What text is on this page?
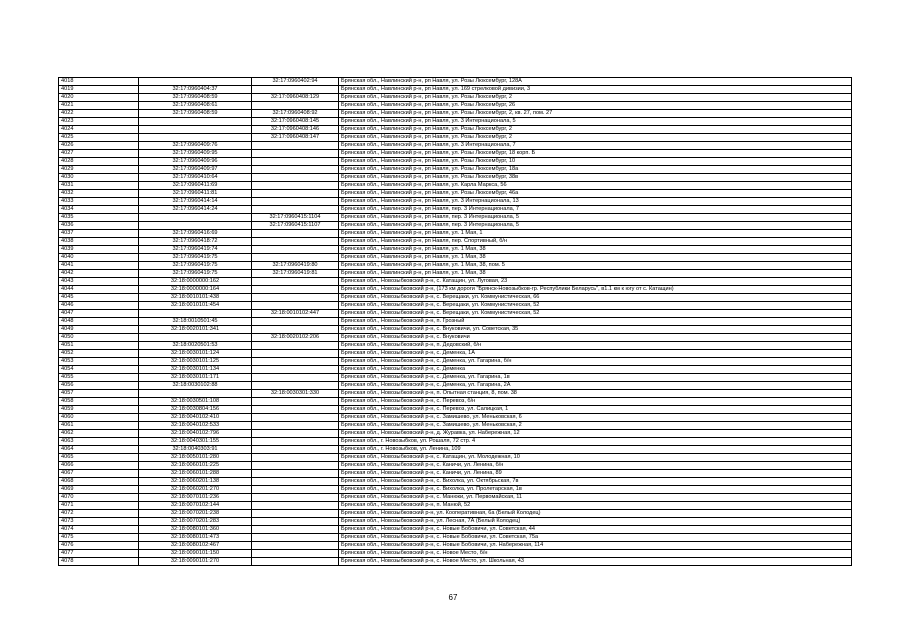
4018		32:17:0960402:94	Брянская обл., Навлинский р-н, рп Навля, ул. Розы Люксембург, 128А
4019	32:17:0960404:37		Брянская обл., Навлинский р-н, рп Навля, ул. 169 стрелковой дивизии, 3
4020	32:17:0960408:59	32:17:0960408:129	Брянская обл., Навлинский р-н, рп Навля, ул. Розы Люксембург, 2
4021	32:17:0960408:61		Брянская обл., Навлинский р-н, рп Навля, ул. Розы Люксембург, 26
4022	32:17:0960408:59	32:17:0960408:92	Брянская обл., Навлинский р-н, рп Навля, ул. Розы Люксембург, 2, кв. 27, пом. 27
4023		32:17:0960408:145	Брянская обл., Навлинский р-н, рп Навля, ул. 3 Интернационала, 5
4024		32:17:0960408:146	Брянская обл., Навлинский р-н, рп Навля, ул. Розы Люксембург, 2
4025		32:17:0960408:147	Брянская обл., Навлинский р-н, рп Навля, ул. Розы Люксембург, 2
4026	32:17:0960409:76		Брянская обл., Навлинский р-н, рп Навля, ул. 3 Интернационала, 7
4027	32:17:0960409:95		Брянская обл., Навлинский р-н, рп Навля, ул. Розы Люксембург, 18 корп. Б
4028	32:17:0960409:96		Брянская обл., Навлинский р-н, рп Навля, ул. Розы Люксембург, 10
4029	32:17:0960409:97		Брянская обл., Навлинский р-н, рп Навля, ул. Розы Люксембург, 18а
4030	32:17:0960410:64		Брянская обл., Навлинский р-н, рп Навля, ул. Розы Люксембург, 38в
4031	32:17:0960411:69		Брянская обл., Навлинский р-н, рп Навля, ул. Карла Маркса, 56
4032	32:17:0960411:81		Брянская обл., Навлинский р-н, рп Навля, ул. Розы Люксембург, 46а
4033	32:17:0960414:14		Брянская обл., Навлинский р-н, рп Навля, ул. 3 Интернационала, 13
4034	32:17:0960414:24		Брянская обл., Навлинский р-н, рп Навля, пер. 3 Интернационала, 7
4035		32:17:0960415:1104	Брянская обл., Навлинский р-н, рп Навля, пер. 3 Интернационала, 5
4036		32:17:0960415:1107	Брянская обл., Навлинский р-н, рп Навля, пер. 3 Интернационала, 5
4037	32:17:0960416:69		Брянская обл., Навлинский р-н, рп Навля, ул. 1 Мая, 1
4038	32:17:0960418:72		Брянская обл., Навлинский р-н, рп Навля, пер. Спортивный, б/н
4039	32:17:0960419:74		Брянская обл., Навлинский р-н, рп Навля, ул. 1 Мая, 38
4040	32:17:0960419:75		Брянская обл., Навлинский р-н, рп Навля, ул. 1 Мая, 38
4041	32:17:0960419:75	32:17:0960419:80	Брянская обл., Навлинский р-н, рп Навля, ул. 1 Мая, 38, пом. 5
4042	32:17:0960419:75	32:17:0960419:81	Брянская обл., Навлинский р-н, рп Навля, ул. 1 Мая, 38
4043	32:18:0000000:162		Брянская обл., Новозыбковский р-н, с. Катащин, ул. Луговая, 23
4044	32:18:0000000:164		Брянская обл., Новозыбковский р-н, (173 км дороги "Брянск-Новозыбков-гр. Республики Беларусь", в1.1 км к югу от с. Катащин)
4045	32:18:0010101:438		Брянская обл., Новозыбковский р-н, с. Верещаки, ул. Коммунистическая, 66
4046	32:18:0010101:454		Брянская обл., Новозыбковский р-н, с. Верещаки, ул. Коммунистическая, 52
4047		32:18:0010102:447	Брянская обл., Новозыбковский р-н, с. Верещаки, ул. Коммунистическая, 52
4048	32:18:0010501:45		Брянская обл., Новозыбковский р-н, п. Грозный
4049	32:18:0020101:341		Брянская обл., Новозыбковский р-н, с. Внуковичи, ул. Советская, 35
4050		32:18:0020102:206	Брянская обл., Новозыбковский р-н, с. Внуковичи
4051	32:18:0020501:53		Брянская обл., Новозыбковский р-н, п. Дедовский, б/н
4052	32:18:0030101:124		Брянская обл., Новозыбковский р-н, с. Деменка, 1А
4053	32:18:0030101:125		Брянская обл., Новозыбковский р-н, с. Деменка, ул. Гагарина, б/н
4054	32:18:0030101:134		Брянская обл., Новозыбковский р-н, с. Деменка
4055	32:18:0030101:171		Брянская обл., Новозыбковский р-н, с. Деменка, ул. Гагарина, 1в
4056	32:18:0030102:88		Брянская обл., Новозыбковский р-н, с. Деменка, ул. Гагарина, 2А
4057		32:18:0030301:330	Брянская обл., Новозыбковский р-н, п. Опытная станция, 8, пом. 38
4058	32:18:0030501:108		Брянская обл., Новозыбковский р-н, с. Перевоз, б/н
4059	32:18:0030804:156		Брянская обл., Новозыбковский р-н, с. Перевоз, ул. Салицкая, 1
4060	32:18:0040102:410		Брянская обл., Новозыбковский р-н, с. Замишево, ул. Меньковская, 6
4061	32:18:0040102:533		Брянская обл., Новозыбковский р-н, с. Замишево, ул. Меньковская, 2
4062	32:18:0040102:796		Брянская обл., Новозыбковский р-н, д. Журавка, ул. Набережная, 12
4063	32:18:0040301:155		Брянская обл., г. Новозыбков, ул. Рошаля, 72 стр. 4
4064	32:18:0040303:91		Брянская обл., г. Новозыбков, ул. Ленина, 109
4065	32:18:0050101:280		Брянская обл., Новозыбковский р-н, с. Катащин, ул. Молодежная, 10
4066	32:18:0060101:225		Брянская обл., Новозыбковский р-н, с. Каничи, ул. Ленина, б/н
4067	32:18:0060101:288		Брянская обл., Новозыбковский р-н, с. Каничи, ул. Ленина, 89
4068	32:18:0060201:138		Брянская обл., Новозыбковский р-н, с. Вихолка, ул. Октябрьская, 7в
4069	32:18:0060201:270		Брянская обл., Новозыбковский р-н, с. Вихолка, ул. Пролетарская, 1в
4070	32:18:0070101:236		Брянская обл., Новозыбковский р-н, с. Манюки, ул. Первомайская, 11
4071	32:18:0070102:144		Брянская обл., Новозыбковский р-н, п. Манюй, 52
4072	32:18:0070201:238		Брянская обл., Новозыбковский р-н, ул. Кооперативная, 6а (Белый Колодец)
4073	32:18:0070201:283		Брянская обл., Новозыбковский р-н, ул. Лесная, 7А (Белый Колодец)
4074	32:18:0080101:360		Брянская обл., Новозыбковский р-н, с. Новые Бобовичи, ул. Советская, 44
4075	32:18:0080101:473		Брянская обл., Новозыбковский р-н, с. Новые Бобовичи, ул. Советская, 75а
4076	32:18:0080102:467		Брянская обл., Новозыбковский р-н, с. Новые Бобовичи, ул. Набережная, 114
4077	32:18:0090101:150		Брянская обл., Новозыбковский р-н, с. Новое Место, б/н
4078	32:18:0090101:270		Брянская обл., Новозыбковский р-н, с. Новое Место, ул. Школьная, 43
67
